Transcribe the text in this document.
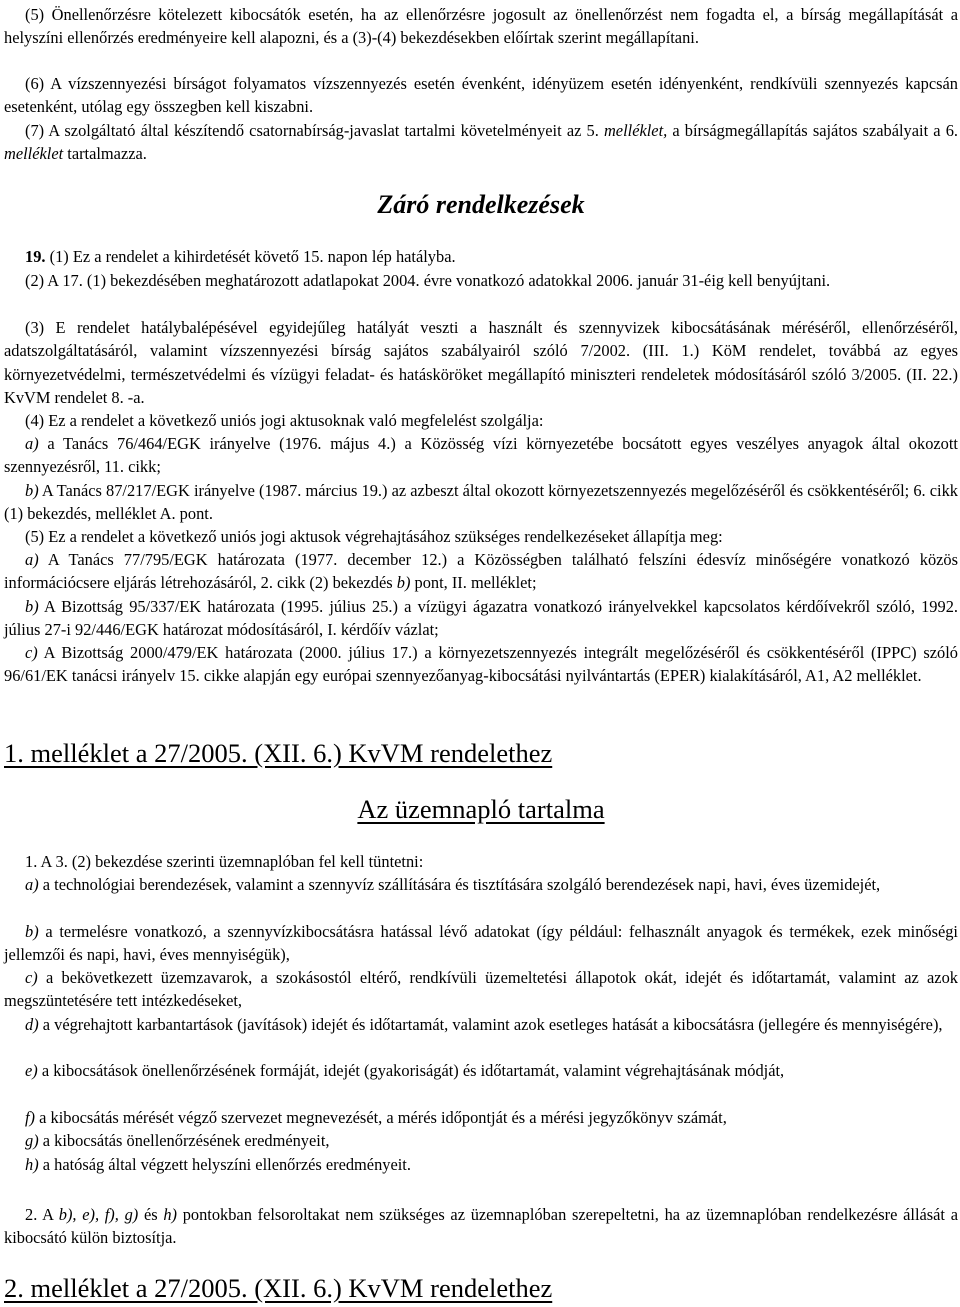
(5) Önellenőrzésre kötelezett kibocsátók esetén, ha az ellenőrzésre jogosult az önellenőrzést nem fogadta el, a bírság megállapítását a helyszíni ellenőrzés eredményeire kell alapozni, és a (3)-(4) bekezdésekben előírtak szerint megállapítani.

(6) A vízszennyezési bírságot folyamatos vízszennyezés esetén évenként, idényüzem esetén idényenként, rendkívüli szennyezés kapcsán esetenként, utólag egy összegben kell kiszabni.

(7) A szolgáltató által készítendő csatornabírság-javaslat tartalmi követelményeit az 5. melléklet, a bírságmegállapítás sajátos szabályait a 6. melléklet tartalmazza.

Záró rendelkezések

19. (1) Ez a rendelet a kihirdetését követő 15. napon lép hatályba.

(2) A 17. (1) bekezdésében meghatározott adatlapokat 2004. évre vonatkozó adatokkal 2006. január 31-éig kell benyújtani.

(3) E rendelet hatálybalépésével egyidejűleg hatályát veszti a használt és szennyvizek kibocsátásának méréséről, ellenőrzéséről, adatszolgáltatásáról, valamint vízszennyezési bírság sajátos szabályairól szóló 7/2002. (III. 1.) KöM rendelet, továbbá az egyes környezetvédelmi, természetvédelmi és vízügyi feladat- és hatásköröket megállapító miniszteri rendeletek módosításáról szóló 3/2005. (II. 22.) KvVM rendelet 8. -a.

(4) Ez a rendelet a következő uniós jogi aktusoknak való megfelelést szolgálja:

a) a Tanács 76/464/EGK irányelve (1976. május 4.) a Közösség vízi környezetébe bocsátott egyes veszélyes anyagok által okozott szennyezésről, 11. cikk;

b) A Tanács 87/217/EGK irányelve (1987. március 19.) az azbeszt által okozott környezetszennyezés megelőzéséről és csökkentéséről; 6. cikk (1) bekezdés, melléklet A. pont.

(5) Ez a rendelet a következő uniós jogi aktusok végrehajtásához szükséges rendelkezéseket állapítja meg:

a) A Tanács 77/795/EGK határozata (1977. december 12.) a Közösségben található felszíni édesvíz minőségére vonatkozó közös információcsere eljárás létrehozásáról, 2. cikk (2) bekezdés b) pont, II. melléklet;

b) A Bizottság 95/337/EK határozata (1995. július 25.) a vízügyi ágazatra vonatkozó irányelvekkel kapcsolatos kérdőívekről szóló, 1992. július 27-i 92/446/EGK határozat módosításáról, I. kérdőív vázlat;

c) A Bizottság 2000/479/EK határozata (2000. július 17.) a környezetszennyezés integrált megelőzéséről és csökkentéséről (IPPC) szóló 96/61/EK tanácsi irányelv 15. cikke alapján egy európai szennyezőanyag-kibocsátási nyilvántartás (EPER) kialakításáról, A1, A2 melléklet.

1. melléklet a 27/2005. (XII. 6.) KvVM rendelethez
Az üzemnapló tartalma

1. A 3. (2) bekezdése szerinti üzemnaplóban fel kell tüntetni:

a) a technológiai berendezések, valamint a szennyvíz szállítására és tisztítására szolgáló berendezések napi, havi, éves üzemidejét,

b) a termelésre vonatkozó, a szennyvízkibocsátásra hatással lévő adatokat (így például: felhasznált anyagok és termékek, ezek minőségi jellemzői és napi, havi, éves mennyiségük),

c) a bekövetkezett üzemzavarok, a szokásostól eltérő, rendkívüli üzemeltetési állapotok okát, idejét és időtartamát, valamint az azok megszüntetésére tett intézkedéseket,

d) a végrehajtott karbantartások (javítások) idejét és időtartamát, valamint azok esetleges hatását a kibocsátásra (jellegére és mennyiségére),

e) a kibocsátások önellenőrzésének formáját, idejét (gyakoriságát) és időtartamát, valamint végrehajtásának módját,

f) a kibocsátás mérését végző szervezet megnevezését, a mérés időpontját és a mérési jegyzőkönyv számát,

g) a kibocsátás önellenőrzésének eredményeit,

h) a hatóság által végzett helyszíni ellenőrzés eredményeit.

2. A b), e), f), g) és h) pontokban felsoroltakat nem szükséges az üzemnaplóban szerepeltetni, ha az üzemnaplóban rendelkezésre állását a kibocsátó külön biztosítja.

2. melléklet a 27/2005. (XII. 6.) KvVM rendelethez
